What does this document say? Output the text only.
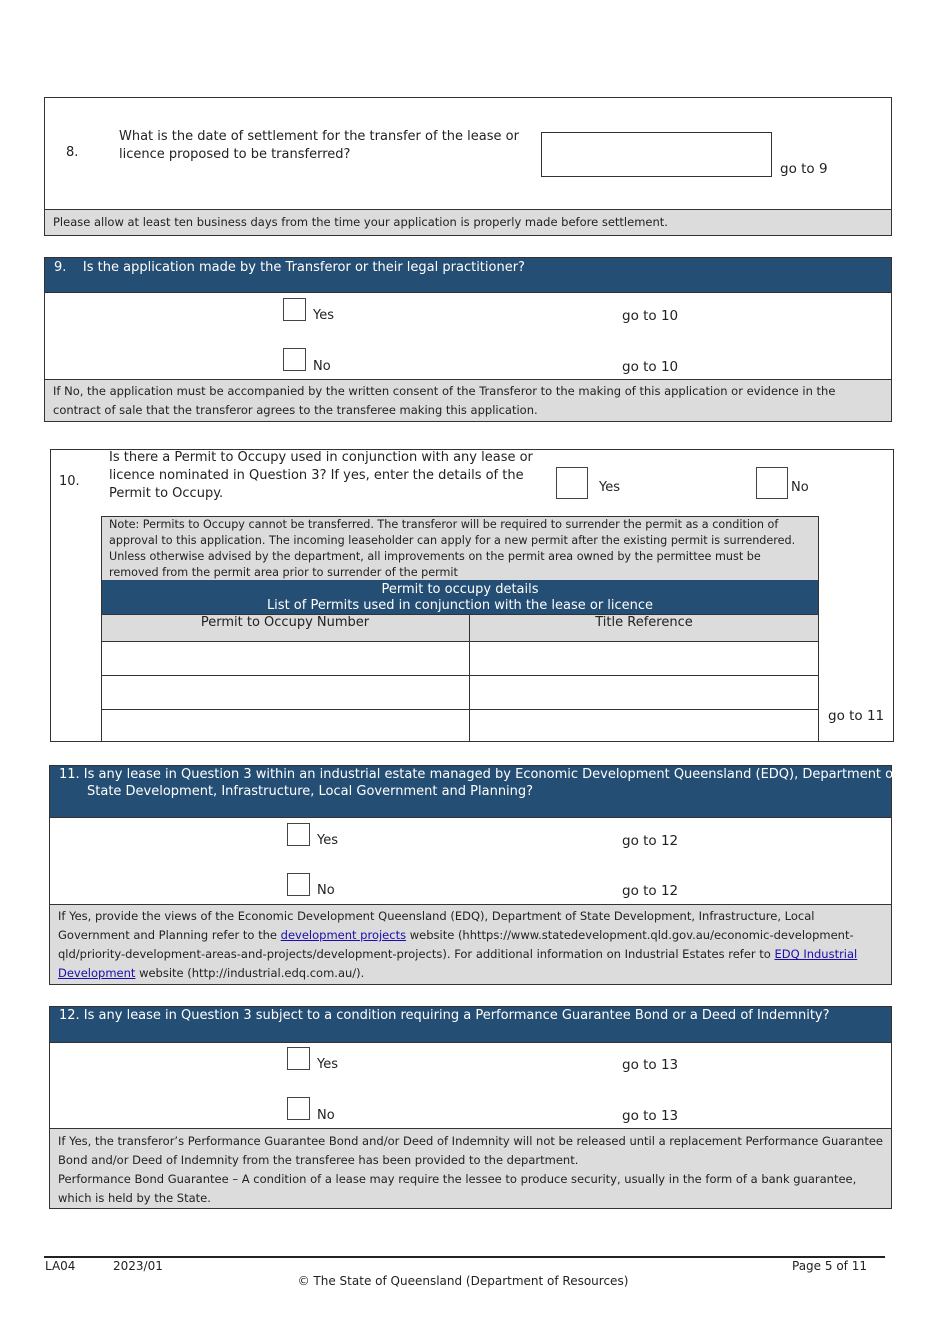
8.
What is the date of settlement for the transfer of the lease or licence proposed to be transferred?
go to 9
Please allow at least ten business days from the time your application is properly made before settlement.
9.    Is the application made by the Transferor or their legal practitioner?
Yes	go to 10
No	go to 10
If No, the application must be accompanied by the written consent of the Transferor to the making of this application or evidence in the contract of sale that the transferor agrees to the transferee making this application.
10.
Is there a Permit to Occupy used in conjunction with any lease or licence nominated in Question 3? If yes, enter the details of the Permit to Occupy.	Yes	No
Note: Permits to Occupy cannot be transferred. The transferor will be required to surrender the permit as a condition of approval to this application. The incoming leaseholder can apply for a new permit after the existing permit is surrendered. Unless otherwise advised by the department, all improvements on the permit area owned by the permittee must be removed from the permit area prior to surrender of the permit
Permit to occupy details
List of Permits used in conjunction with the lease or licence
Permit to Occupy Number	Title Reference
go to 11
11. Is any lease in Question 3 within an industrial estate managed by Economic Development Queensland (EDQ), Department of
State Development, Infrastructure, Local Government and Planning?
Yes	go to 12
No	go to 12
If Yes, provide the views of the Economic Development Queensland (EDQ), Department of State Development, Infrastructure, Local Government and Planning refer to the development projects website (hhttps://www.statedevelopment.qld.gov.au/economic-development-qld/priority-development-areas-and-projects/development-projects). For additional information on Industrial Estates refer to EDQ Industrial Development website (http://industrial.edq.com.au/).
12. Is any lease in Question 3 subject to a condition requiring a Performance Guarantee Bond or a Deed of Indemnity?
Yes	go to 13
No	go to 13
If Yes, the transferor’s Performance Guarantee Bond and/or Deed of Indemnity will not be released until a replacement Performance Guarantee Bond and/or Deed of Indemnity from the transferee has been provided to the department.
Performance Bond Guarantee – A condition of a lease may require the lessee to produce security, usually in the form of a bank guarantee, which is held by the State.
LA04	2023/01	Page 5 of 11
© The State of Queensland (Department of Resources)
